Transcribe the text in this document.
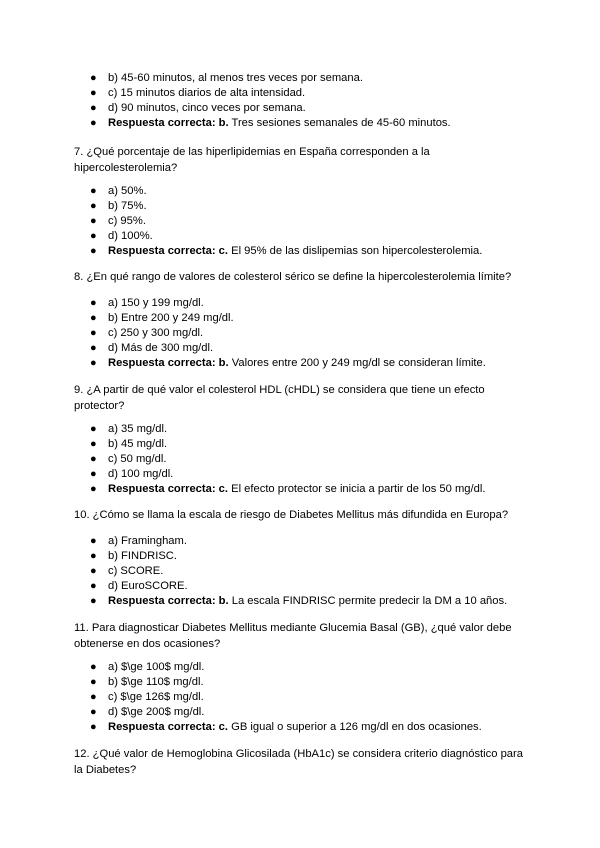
● b) 45-60 minutos, al menos tres veces por semana.
● c) 15 minutos diarios de alta intensidad.
● d) 90 minutos, cinco veces por semana.
● Respuesta correcta: b. Tres sesiones semanales de 45-60 minutos.

7. ¿Qué porcentaje de las hiperlipidemias en España corresponden a la hipercolesterolemia?

● a) 50%.
● b) 75%.
● c) 95%.
● d) 100%.
● Respuesta correcta: c. El 95% de las dislipemias son hipercolesterolemia.

8. ¿En qué rango de valores de colesterol sérico se define la hipercolesterolemia límite?

● a) 150 y 199 mg/dl.
● b) Entre 200 y 249 mg/dl.
● c) 250 y 300 mg/dl.
● d) Más de 300 mg/dl.
● Respuesta correcta: b. Valores entre 200 y 249 mg/dl se consideran límite.

9. ¿A partir de qué valor el colesterol HDL (cHDL) se considera que tiene un efecto protector?

● a) 35 mg/dl.
● b) 45 mg/dl.
● c) 50 mg/dl.
● d) 100 mg/dl.
● Respuesta correcta: c. El efecto protector se inicia a partir de los 50 mg/dl.

10. ¿Cómo se llama la escala de riesgo de Diabetes Mellitus más difundida en Europa?

● a) Framingham.
● b) FINDRISC.
● c) SCORE.
● d) EuroSCORE.
● Respuesta correcta: b. La escala FINDRISC permite predecir la DM a 10 años.

11. Para diagnosticar Diabetes Mellitus mediante Glucemia Basal (GB), ¿qué valor debe obtenerse en dos ocasiones?

● a) $\ge 100$ mg/dl.
● b) $\ge 110$ mg/dl.
● c) $\ge 126$ mg/dl.
● d) $\ge 200$ mg/dl.
● Respuesta correcta: c. GB igual o superior a 126 mg/dl en dos ocasiones.

12. ¿Qué valor de Hemoglobina Glicosilada (HbA1c) se considera criterio diagnóstico para la Diabetes?
